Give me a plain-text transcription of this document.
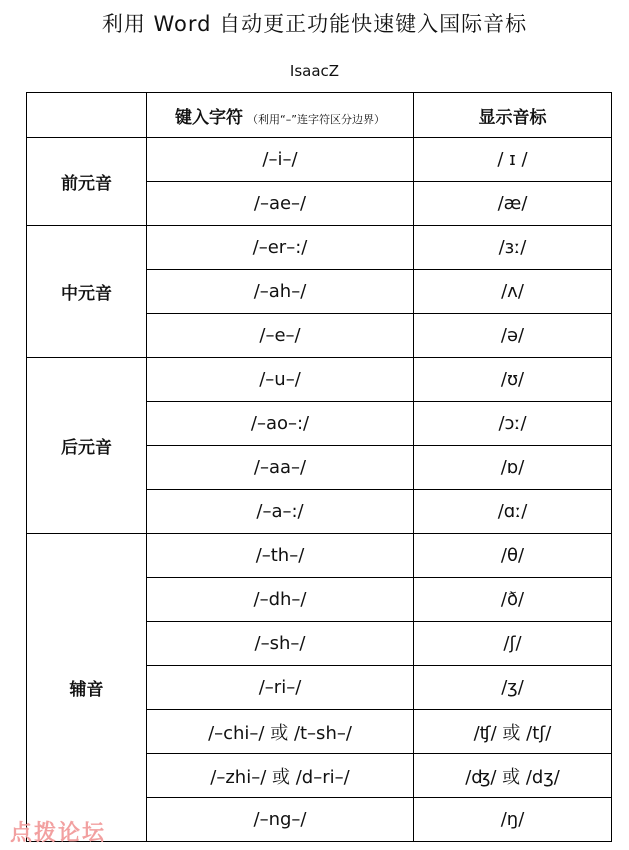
利用 Word 自动更正功能快速键入国际音标
IsaacZ
	键入字符 （利用“–”连字符区分边界）	显示音标
前元音	/–i–/	/ ɪ /
	/–ae–/	/æ/
中元音	/–er–:/	/ɜː/
	/–ah–/	/ʌ/
	/–e–/	/ə/
后元音	/–u–/	/ʊ/
	/–ao–:/	/ɔː/
	/–aa–/	/ɒ/
	/–a–:/	/ɑː/
辅音	/–th–/	/θ/
	/–dh–/	/ð/
	/–sh–/	/ʃ/
	/–ri–/	/ʒ/
	/–chi–/ 或 /t–sh–/	/ʧ/ 或 /tʃ/
	/–zhi–/ 或 /d–ri–/	/ʤ/ 或 /dʒ/
	/–ng–/	/ŋ/
点拨论坛
